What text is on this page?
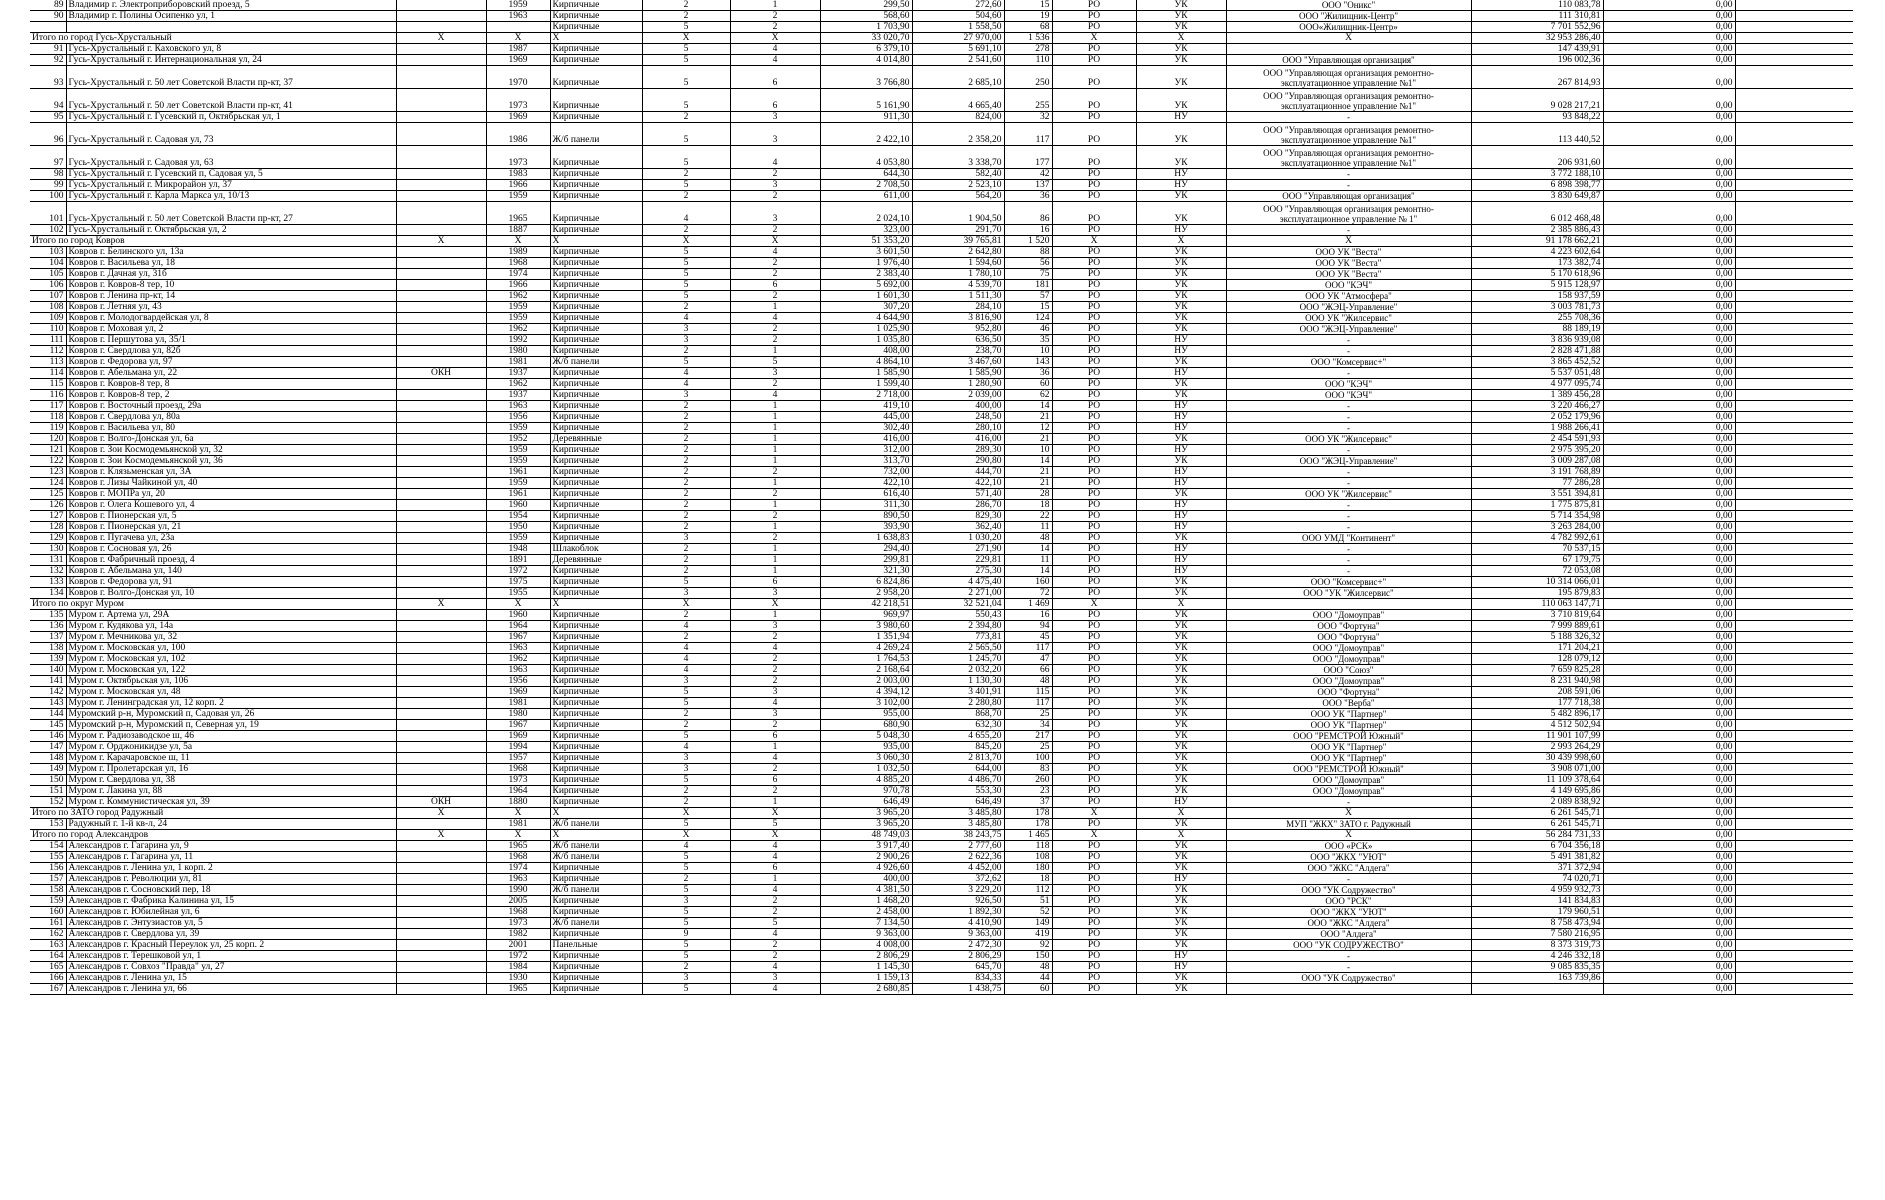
89	Владимир г. Электроприборовский проезд, 5		1959	Кирпичные	2	1	299,50	272,60	15	РО	УК	ООО "Оникс"	110 083,78	0,00	
90	Владимир г. Полины Осипенко ул, 1		1963	Кирпичные	2	2	568,60	504,60	19	РО	УК	ООО "Жилищник-Центр"	111 310,81	0,00	
				Кирпичные	5	2	1 703,90	1 558,50	68	РО	УК	ООО«Жилищник-Центр»	7 701 552,96	0,00	
Итого по город Гусь-Хрустальный		X	X	X	X	X	33 020,70	27 970,00	1 536	X	X	X	32 953 286,40	0,00	
91	Гусь-Хрустальный г. Каховского ул, 8		1987	Кирпичные	5	4	6 379,10	5 691,10	278	РО	УК		147 439,91	0,00	
92	Гусь-Хрустальный г. Интернациональная ул, 24		1969	Кирпичные	5	4	4 014,80	2 541,60	110	РО	УК	ООО "Управляющая организация"	196 002,36	0,00	
93	Гусь-Хрустальный г. 50 лет Советской Власти пр-кт, 37		1970	Кирпичные	5	6	3 766,80	2 685,10	250	РО	УК	ООО "Управляющая организация ремонтно-эксплуатационное управление №1"	267 814,93	0,00	
94	Гусь-Хрустальный г. 50 лет Советской Власти пр-кт, 41		1973	Кирпичные	5	6	5 161,90	4 665,40	255	РО	УК	ООО "Управляющая организация ремонтно-эксплуатационное управление №1"	9 028 217,21	0,00	
95	Гусь-Хрустальный г. Гусевский п, Октябрьская ул, 1		1969	Кирпичные	2	3	911,30	824,00	32	РО	НУ	-	93 848,22	0,00	
96	Гусь-Хрустальный г. Садовая ул, 73		1986	Ж/б панели	5	3	2 422,10	2 358,20	117	РО	УК	ООО "Управляющая организация ремонтно-эксплуатационное управление №1"	113 440,52	0,00	
97	Гусь-Хрустальный г. Садовая ул, 63		1973	Кирпичные	5	4	4 053,80	3 338,70	177	РО	УК	ООО "Управляющая организация ремонтно-эксплуатационное управление №1"	206 931,60	0,00	
98	Гусь-Хрустальный г. Гусевский п, Садовая ул, 5		1983	Кирпичные	2	2	644,30	582,40	42	РО	НУ	-	3 772 188,10	0,00	
99	Гусь-Хрустальный г. Микрорайон ул, 37		1966	Кирпичные	5	3	2 708,50	2 523,10	137	РО	НУ	-	6 898 398,77	0,00	
100	Гусь-Хрустальный г. Карла Маркса ул, 10/13		1959	Кирпичные	2	2	611,00	564,20	36	РО	УК	ООО "Управляющая организация"	3 830 649,87	0,00	
101	Гусь-Хрустальный г. 50 лет Советской Власти пр-кт, 27		1965	Кирпичные	4	3	2 024,10	1 904,50	86	РО	УК	ООО "Управляющая организация ремонтно-эксплуатационное управление № 1"	6 012 468,48	0,00	
102	Гусь-Хрустальный г. Октябрьская ул, 2		1887	Кирпичные	2	2	323,00	291,70	16	РО	НУ	-	2 385 886,43	0,00	
Итого по город Ковров		X	X	X	X	X	51 353,20	39 765,81	1 520	X	X	X	91 178 662,21	0,00	
103	Ковров г. Белинского ул, 13а		1989	Кирпичные	5	4	3 601,50	2 642,80	88	РО	УК	ООО УК "Веста"	4 223 602,64	0,00	
104	Ковров г. Васильева ул, 18		1968	Кирпичные	5	2	1 976,40	1 594,60	56	РО	УК	ООО УК "Веста"	173 382,74	0,00	
105	Ковров г. Дачная ул, 31б		1974	Кирпичные	5	2	2 383,40	1 780,10	75	РО	УК	ООО УК "Веста"	5 170 618,96	0,00	
106	Ковров г. Ковров-8 тер, 10		1966	Кирпичные	5	6	5 692,00	4 539,70	181	РО	УК	ООО "КЭЧ"	5 915 128,97	0,00	
107	Ковров г. Ленина пр-кт, 14		1962	Кирпичные	5	2	1 601,30	1 511,30	57	РО	УК	ООО УК "Атмосфера"	158 937,59	0,00	
108	Ковров г. Летняя ул, 43		1959	Кирпичные	2	1	307,20	284,10	15	РО	УК	ООО "ЖЭЦ-Управление"	3 003 781,73	0,00	
109	Ковров г. Молодогвардейская ул, 8		1959	Кирпичные	4	4	4 644,90	3 816,90	124	РО	УК	ООО УК "Жилсервис"	255 708,36	0,00	
110	Ковров г. Моховая ул, 2		1962	Кирпичные	3	2	1 025,90	952,80	46	РО	УК	ООО "ЖЭЦ-Управление"	88 189,19	0,00	
111	Ковров г. Першутова ул, 35/1		1992	Кирпичные	3	2	1 035,80	636,50	35	РО	НУ	-	3 836 939,08	0,00	
112	Ковров г. Свердлова ул, 82б		1980	Кирпичные	2	1	408,00	238,70	10	РО	НУ	-	2 828 471,88	0,00	
113	Ковров г. Федорова ул, 97		1981	Ж/б панели	5	5	4 864,10	3 467,60	143	РО	УК	ООО "Комсервис+"	3 865 452,52	0,00	
114	Ковров г. Абельмана ул, 22	ОКН	1937	Кирпичные	4	3	1 585,90	1 585,90	36	РО	НУ	-	5 537 051,48	0,00	
115	Ковров г. Ковров-8 тер, 8		1962	Кирпичные	4	2	1 599,40	1 280,90	60	РО	УК	ООО "КЭЧ"	4 977 095,74	0,00	
116	Ковров г. Ковров-8 тер, 2		1937	Кирпичные	3	4	2 718,00	2 039,00	62	РО	УК	ООО "КЭЧ"	1 389 456,28	0,00	
117	Ковров г. Восточный проезд, 29а		1963	Кирпичные	2	1	419,10	400,00	14	РО	НУ	-	3 220 466,27	0,00	
118	Ковров г. Свердлова ул, 80а		1956	Кирпичные	2	1	445,00	248,50	21	РО	НУ	-	2 052 179,96	0,00	
119	Ковров г. Васильева ул, 80		1959	Кирпичные	2	1	302,40	280,10	12	РО	НУ	-	1 988 266,41	0,00	
120	Ковров г. Волго-Донская ул, 6а		1952	Деревянные	2	1	416,00	416,00	21	РО	УК	ООО УК "Жилсервис"	2 454 591,93	0,00	
121	Ковров г. Зои Космодемьянской ул, 32		1959	Кирпичные	2	1	312,00	289,30	10	РО	НУ	-	2 975 395,20	0,00	
122	Ковров г. Зои Космодемьянской ул, 36		1959	Кирпичные	2	1	313,70	290,80	14	РО	УК	ООО "ЖЭЦ-Управление"	3 009 287,08	0,00	
123	Ковров г. Клязьменская ул, 3А		1961	Кирпичные	2	2	732,00	444,70	21	РО	НУ	-	3 191 768,89	0,00	
124	Ковров г. Лизы Чайкиной ул, 40		1959	Кирпичные	2	1	422,10	422,10	21	РО	НУ	-	77 286,28	0,00	
125	Ковров г. МОПРа ул, 20		1961	Кирпичные	2	2	616,40	571,40	28	РО	УК	ООО УК "Жилсервис"	3 551 394,81	0,00	
126	Ковров г. Олега Кошевого ул, 4		1960	Кирпичные	2	1	311,30	286,70	18	РО	НУ	-	1 775 875,81	0,00	
127	Ковров г. Пионерская ул, 5		1954	Кирпичные	2	2	890,50	829,30	22	РО	НУ	-	5 714 354,98	0,00	
128	Ковров г. Пионерская ул, 21		1950	Кирпичные	2	1	393,90	362,40	11	РО	НУ	-	3 263 284,00	0,00	
129	Ковров г. Пугачева ул, 23а		1959	Кирпичные	3	2	1 638,83	1 030,20	48	РО	УК	ООО УМД "Континент"	4 782 992,61	0,00	
130	Ковров г. Сосновая ул, 26		1948	Шлакоблок	2	1	294,40	271,90	14	РО	НУ	-	70 537,15	0,00	
131	Ковров г. Фабричный проезд, 4		1891	Деревянные	2	1	299,81	229,81	11	РО	НУ	-	67 179,75	0,00	
132	Ковров г. Абельмана ул, 140		1972	Кирпичные	2	1	321,30	275,30	14	РО	НУ	-	72 053,08	0,00	
133	Ковров г. Федорова ул, 91		1975	Кирпичные	5	6	6 824,86	4 475,40	160	РО	УК	ООО "Комсервис+"	10 314 066,01	0,00	
134	Ковров г. Волго-Донская ул, 10		1955	Кирпичные	3	3	2 958,20	2 271,00	72	РО	УК	ООО "УК "Жилсервис"	195 879,83	0,00	
Итого по округ Муром		X	X	X	X	X	42 218,51	32 521,04	1 469	X	X		110 063 147,71	0,00	
135	Муром г. Артема ул, 29А		1960	Кирпичные	2	1	969,97	550,43	16	РО	УК	ООО "Домоуправ"	3 710 819,64	0,00	
136	Муром г. Кудякова ул, 14а		1964	Кирпичные	4	3	3 980,60	2 394,80	94	РО	УК	ООО "Фортуна"	7 999 889,61	0,00	
137	Муром г. Мечникова ул, 32		1967	Кирпичные	2	2	1 351,94	773,81	45	РО	УК	ООО "Фортуна"	5 188 326,32	0,00	
138	Муром г. Московская ул, 100		1963	Кирпичные	4	4	4 269,24	2 565,50	117	РО	УК	ООО "Домоуправ"	171 204,21	0,00	
139	Муром г. Московская ул, 102		1962	Кирпичные	4	2	1 764,53	1 245,70	47	РО	УК	ООО "Домоуправ"	128 079,12	0,00	
140	Муром г. Московская ул, 122		1963	Кирпичные	4	2	2 168,64	2 032,20	66	РО	УК	ООО "Союз"	7 659 825,28	0,00	
141	Муром г. Октябрьская ул, 106		1956	Кирпичные	3	2	2 003,00	1 130,30	48	РО	УК	ООО "Домоуправ"	8 231 940,98	0,00	
142	Муром г. Московская ул, 48		1969	Кирпичные	5	3	4 394,12	3 401,91	115	РО	УК	ООО "Фортуна"	208 591,06	0,00	
143	Муром г. Ленинградская ул, 12 корп. 2		1981	Кирпичные	5	4	3 102,00	2 280,80	117	РО	УК	ООО "Верба"	177 718,38	0,00	
144	Муромский р-н, Муромский п, Садовая ул, 26		1980	Кирпичные	2	3	955,00	868,70	25	РО	УК	ООО УК "Партнер"	5 482 896,17	0,00	
145	Муромский р-н, Муромский п, Северная ул, 19		1967	Кирпичные	2	2	680,90	632,30	34	РО	УК	ООО УК "Партнер"	4 512 502,94	0,00	
146	Муром г. Радиозаводское ш, 46		1969	Кирпичные	5	6	5 048,30	4 655,20	217	РО	УК	ООО "РЕМСТРОЙ Южный"	11 901 107,99	0,00	
147	Муром г. Орджоникидзе ул, 5а		1994	Кирпичные	4	1	935,00	845,20	25	РО	УК	ООО УК "Партнер"	2 993 264,29	0,00	
148	Муром г. Карачаровское ш, 11		1957	Кирпичные	3	4	3 060,30	2 813,70	100	РО	УК	ООО УК "Партнер"	30 439 998,60	0,00	
149	Муром г. Пролетарская ул, 16		1968	Кирпичные	3	2	1 032,50	644,00	83	РО	УК	ООО "РЕМСТРОЙ Южный"	3 908 071,00	0,00	
150	Муром г. Свердлова ул, 38		1973	Кирпичные	5	6	4 885,20	4 486,70	260	РО	УК	ООО "Домоуправ"	11 109 378,64	0,00	
151	Муром г. Лакина ул, 88		1964	Кирпичные	2	2	970,78	553,30	23	РО	УК	ООО "Домоуправ"	4 149 695,86	0,00	
152	Муром г. Коммунистическая ул, 39	ОКН	1880	Кирпичные	2	1	646,49	646,49	37	РО	НУ	-	2 089 838,92	0,00	
Итого по ЗАТО город Радужный		X	X	X	X	X	3 965,20	3 485,80	178	X	X	X	6 261 545,71	0,00	
153	Радужный г. 1-й кв-л, 24		1981	Ж/б панели	5	5	3 965,20	3 485,80	178	РО	УК	МУП "ЖКХ" ЗАТО г. Радужный	6 261 545,71	0,00	
Итого по город Александров		X	X	X	X	X	48 749,03	38 243,75	1 465	X	X	X	56 284 731,33	0,00	
154	Александров г. Гагарина ул, 9		1965	Ж/б панели	4	4	3 917,40	2 777,60	118	РО	УК	ООО «РСК»	6 704 356,18	0,00	
155	Александров г. Гагарина ул, 11		1968	Ж/б панели	5	4	2 900,26	2 622,36	108	РО	УК	ООО "ЖКХ "УЮТ"	5 491 381,82	0,00	
156	Александров г. Ленина ул, 1 корп. 2		1974	Кирпичные	5	6	4 926,60	4 452,00	180	РО	УК	ООО "ЖКС "Алдега"	371 372,94	0,00	
157	Александров г. Революции ул, 81		1963	Кирпичные	2	1	400,00	372,62	18	РО	НУ	-	74 020,71	0,00	
158	Александров г. Сосновский пер, 18		1990	Ж/б панели	5	4	4 381,50	3 229,20	112	РО	УК	ООО "УК Содружество"	4 959 932,73	0,00	
159	Александров г. Фабрика Калинина ул, 15		2005	Кирпичные	3	2	1 468,20	926,50	51	РО	УК	ООО "РСК"	141 834,83	0,00	
160	Александров г. Юбилейная ул, 6		1968	Кирпичные	5	2	2 458,00	1 892,30	52	РО	УК	ООО "ЖКХ "УЮТ"	179 960,51	0,00	
161	Александров г. Энтузиастов ул, 5		1973	Ж/б панели	5	5	7 134,50	4 410,90	149	РО	УК	ООО "ЖКС "Алдега"	8 758 473,94	0,00	
162	Александров г. Свердлова ул, 39		1982	Кирпичные	9	4	9 363,00	9 363,00	419	РО	УК	ООО "Алдега"	7 580 216,95	0,00	
163	Александров г. Красный Переулок ул, 25 корп. 2		2001	Панельные	5	2	4 008,00	2 472,30	92	РО	УК	ООО "УК СОДРУЖЕСТВО"	8 373 319,73	0,00	
164	Александров г. Терешковой ул, 1		1972	Кирпичные	5	2	2 806,29	2 806,29	150	РО	НУ	-	4 246 332,18	0,00	
165	Александров г. Совхоз "Правда" ул, 27		1984	Кирпичные	2	4	1 145,30	645,70	48	РО	НУ	-	9 085 835,35	0,00	
166	Александров г. Ленина ул, 15		1930	Кирпичные	3	3	1 159,13	834,33	44	РО	УК	ООО "УК Содружество"	163 739,86	0,00	
167	Александров г. Ленина ул, 66		1965	Кирпичные	5	4	2 680,85	1 438,75	60	РО	УК			0,00	
